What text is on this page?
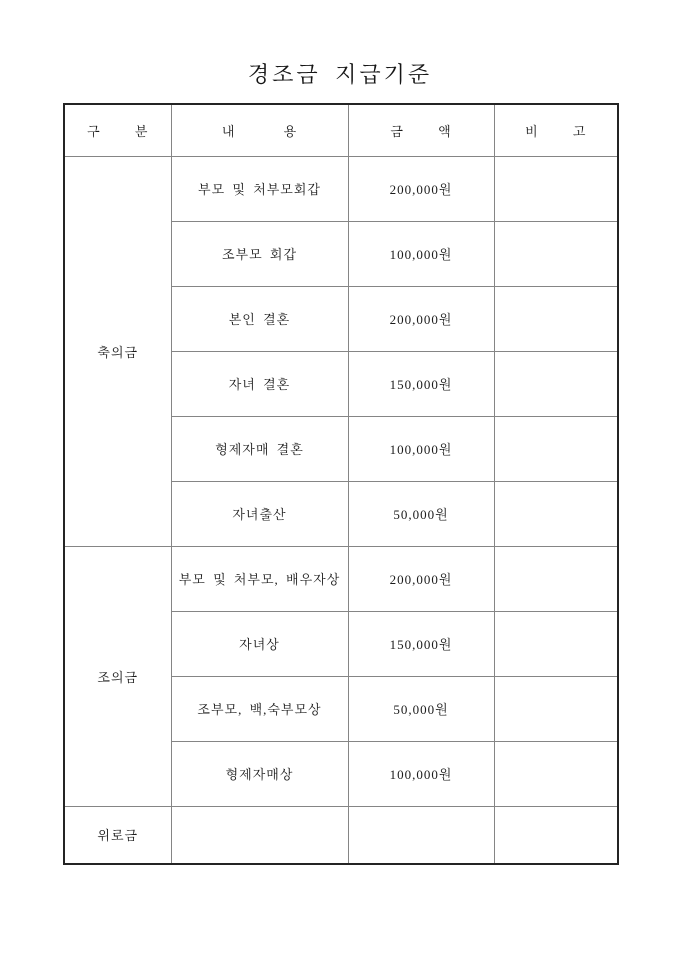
경조금 지급기준
구 분	내 용	금 액	비 고
축의금	부모 및 처부모회갑	200,000원	
	조부모 회갑	100,000원	
	본인 결혼	200,000원	
	자녀 결혼	150,000원	
	형제자매 결혼	100,000원	
	자녀출산	50,000원	
조의금	부모 및 처부모, 배우자상	200,000원	
	자녀상	150,000원	
	조부모, 백,숙부모상	50,000원	
	형제자매상	100,000원	
위로금			
